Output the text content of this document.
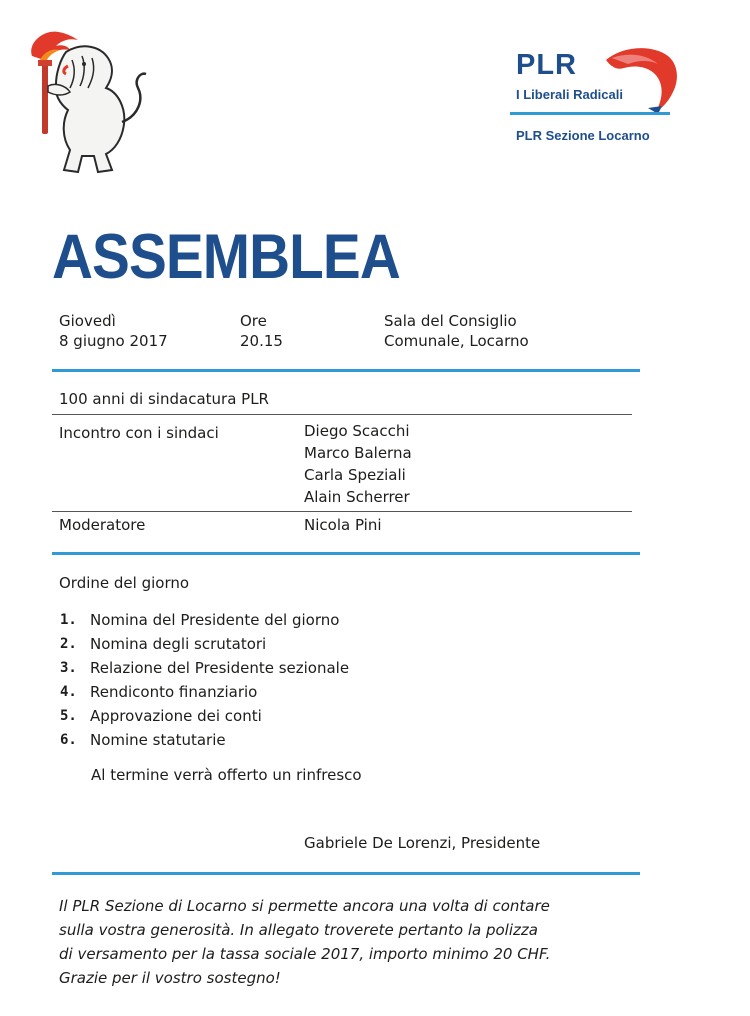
PLR
I Liberali Radicali
PLR Sezione Locarno
ASSEMBLEA
Giovedì
8 giugno 2017
Ore
20.15
Sala del Consiglio
Comunale, Locarno
100 anni di sindacatura PLR
Incontro con i sindaci	Diego Scacchi
Marco Balerna
Carla Speziali
Alain Scherrer
Moderatore	Nicola Pini
Ordine del giorno
1. Nomina del Presidente del giorno
2. Nomina degli scrutatori
3. Relazione del Presidente sezionale
4. Rendiconto finanziario
5. Approvazione dei conti
6. Nomine statutarie
Al termine verrà offerto un rinfresco
Gabriele De Lorenzi, Presidente
Il PLR Sezione di Locarno si permette ancora una volta di contare
sulla vostra generosità. In allegato troverete pertanto la polizza
di versamento per la tassa sociale 2017, importo minimo 20 CHF.
Grazie per il vostro sostegno!
